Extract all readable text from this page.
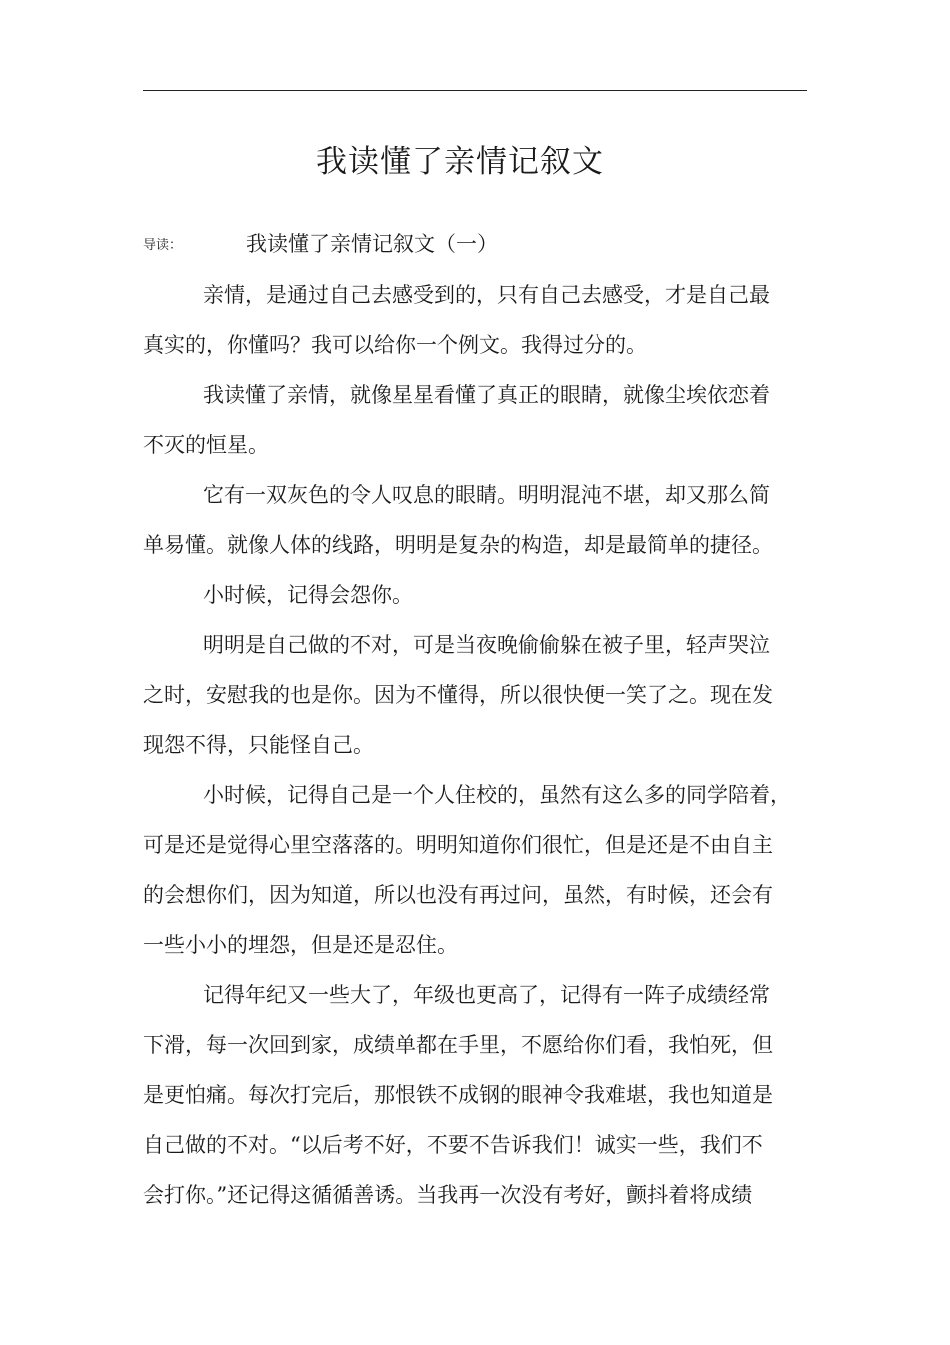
我读懂了亲情记叙文
导读：	我读懂了亲情记叙文（一）
亲情，是通过自己去感受到的，只有自己去感受，才是自己最
真实的，你懂吗？我可以给你一个例文。我得过分的。
我读懂了亲情，就像星星看懂了真正的眼睛，就像尘埃依恋着
不灭的恒星。
它有一双灰色的令人叹息的眼睛。明明混沌不堪，却又那么简
单易懂。就像人体的线路，明明是复杂的构造，却是最简单的捷径。
小时候，记得会怨你。
明明是自己做的不对，可是当夜晚偷偷躲在被子里，轻声哭泣
之时，安慰我的也是你。因为不懂得，所以很快便一笑了之。现在发
现怨不得，只能怪自己。
小时候，记得自己是一个人住校的，虽然有这么多的同学陪着，
可是还是觉得心里空落落的。明明知道你们很忙，但是还是不由自主
的会想你们，因为知道，所以也没有再过问，虽然，有时候，还会有
一些小小的埋怨，但是还是忍住。
记得年纪又一些大了，年级也更高了，记得有一阵子成绩经常
下滑，每一次回到家，成绩单都在手里，不愿给你们看，我怕死，但
是更怕痛。每次打完后，那恨铁不成钢的眼神令我难堪，我也知道是
自己做的不对。“以后考不好，不要不告诉我们！诚实一些，我们不
会打你。”还记得这循循善诱。当我再一次没有考好，颤抖着将成绩
